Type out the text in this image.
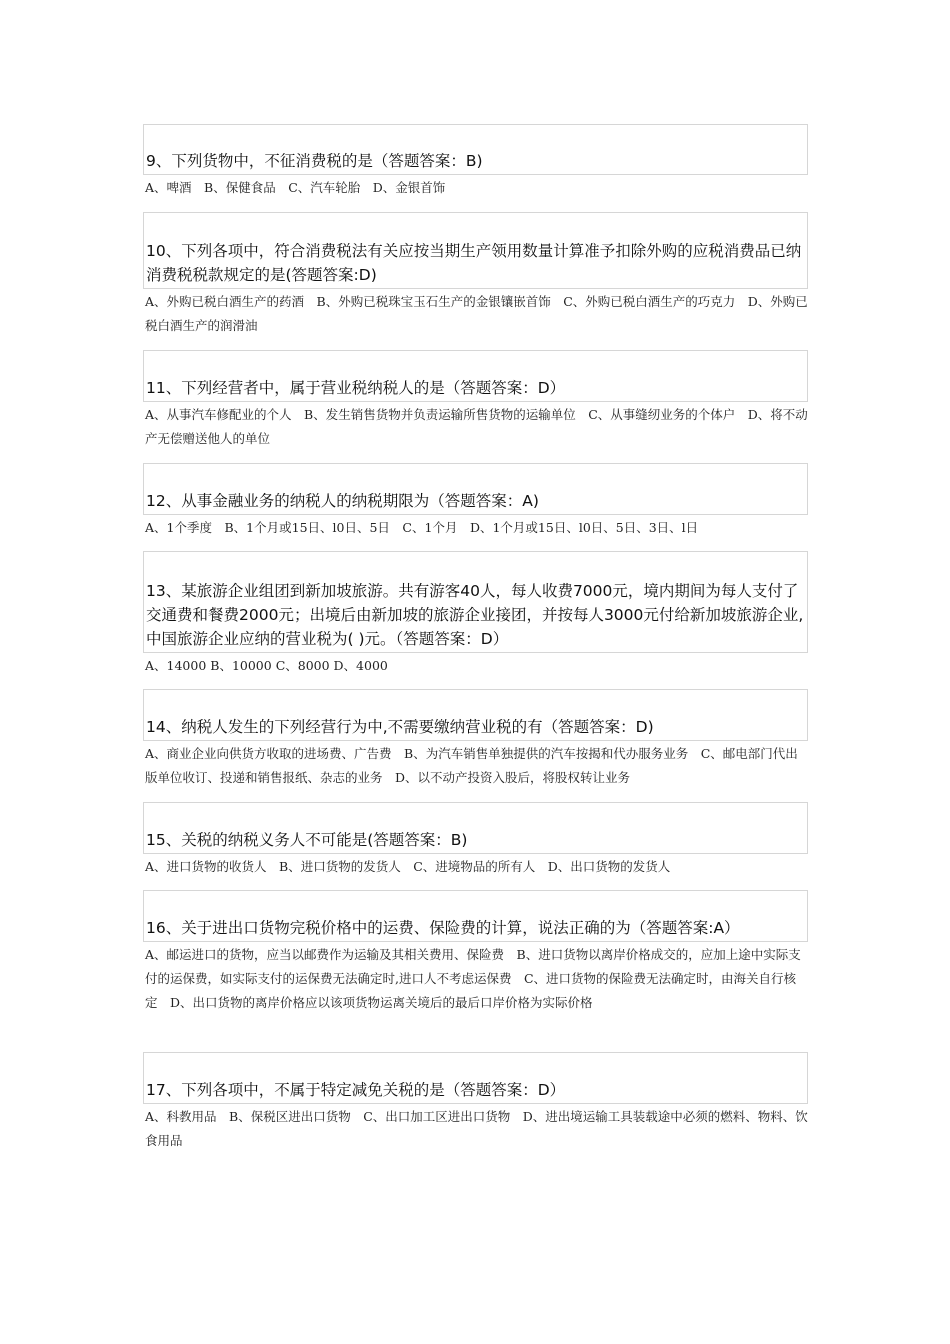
9、下列货物中，不征消费税的是（答题答案：B)
A、啤酒　B、保健食品　C、汽车轮胎　D、金银首饰
10、下列各项中，符合消费税法有关应按当期生产领用数量计算准予扣除外购的应税消费品已纳消费税税款规定的是(答题答案:D)
A、外购已税白酒生产的药酒　B、外购已税珠宝玉石生产的金银镶嵌首饰　C、外购已税白酒生产的巧克力　D、外购已税白酒生产的润滑油
11、下列经营者中，属于营业税纳税人的是（答题答案：D）
A、从事汽车修配业的个人　B、发生销售货物并负责运输所售货物的运输单位　C、从事缝纫业务的个体户　D、将不动产无偿赠送他人的单位
12、从事金融业务的纳税人的纳税期限为（答题答案：A)
A、1个季度　B、1个月或15日、l0日、5日　C、1个月　D、1个月或15日、l0日、5日、3日、l日
13、某旅游企业组团到新加坡旅游。共有游客40人，每人收费7000元，境内期间为每人支付了交通费和餐费2000元；出境后由新加坡的旅游企业接团，并按每人3000元付给新加坡旅游企业,中国旅游企业应纳的营业税为( )元。（答题答案：D）
A、14000 B、10000 C、8000 D、4000
14、纳税人发生的下列经营行为中,不需要缴纳营业税的有（答题答案：D)
A、商业企业向供货方收取的进场费、广告费　B、为汽车销售单独提供的汽车按揭和代办服务业务　C、邮电部门代出版单位收订、投递和销售报纸、杂志的业务　D、以不动产投资入股后，将股权转让业务
15、关税的纳税义务人不可能是(答题答案：B)
A、进口货物的收货人　B、进口货物的发货人　C、进境物品的所有人　D、出口货物的发货人
16、关于进出口货物完税价格中的运费、保险费的计算，说法正确的为（答题答案:A）
A、邮运进口的货物，应当以邮费作为运输及其相关费用、保险费　B、进口货物以离岸价格成交的，应加上途中实际支付的运保费，如实际支付的运保费无法确定时,进口人不考虑运保费　C、进口货物的保险费无法确定时，由海关自行核定　D、出口货物的离岸价格应以该项货物运离关境后的最后口岸价格为实际价格
17、下列各项中，不属于特定减免关税的是（答题答案：D）
A、科教用品　B、保税区进出口货物　C、出口加工区进出口货物　D、进出境运输工具装载途中必须的燃料、物料、饮食用品
